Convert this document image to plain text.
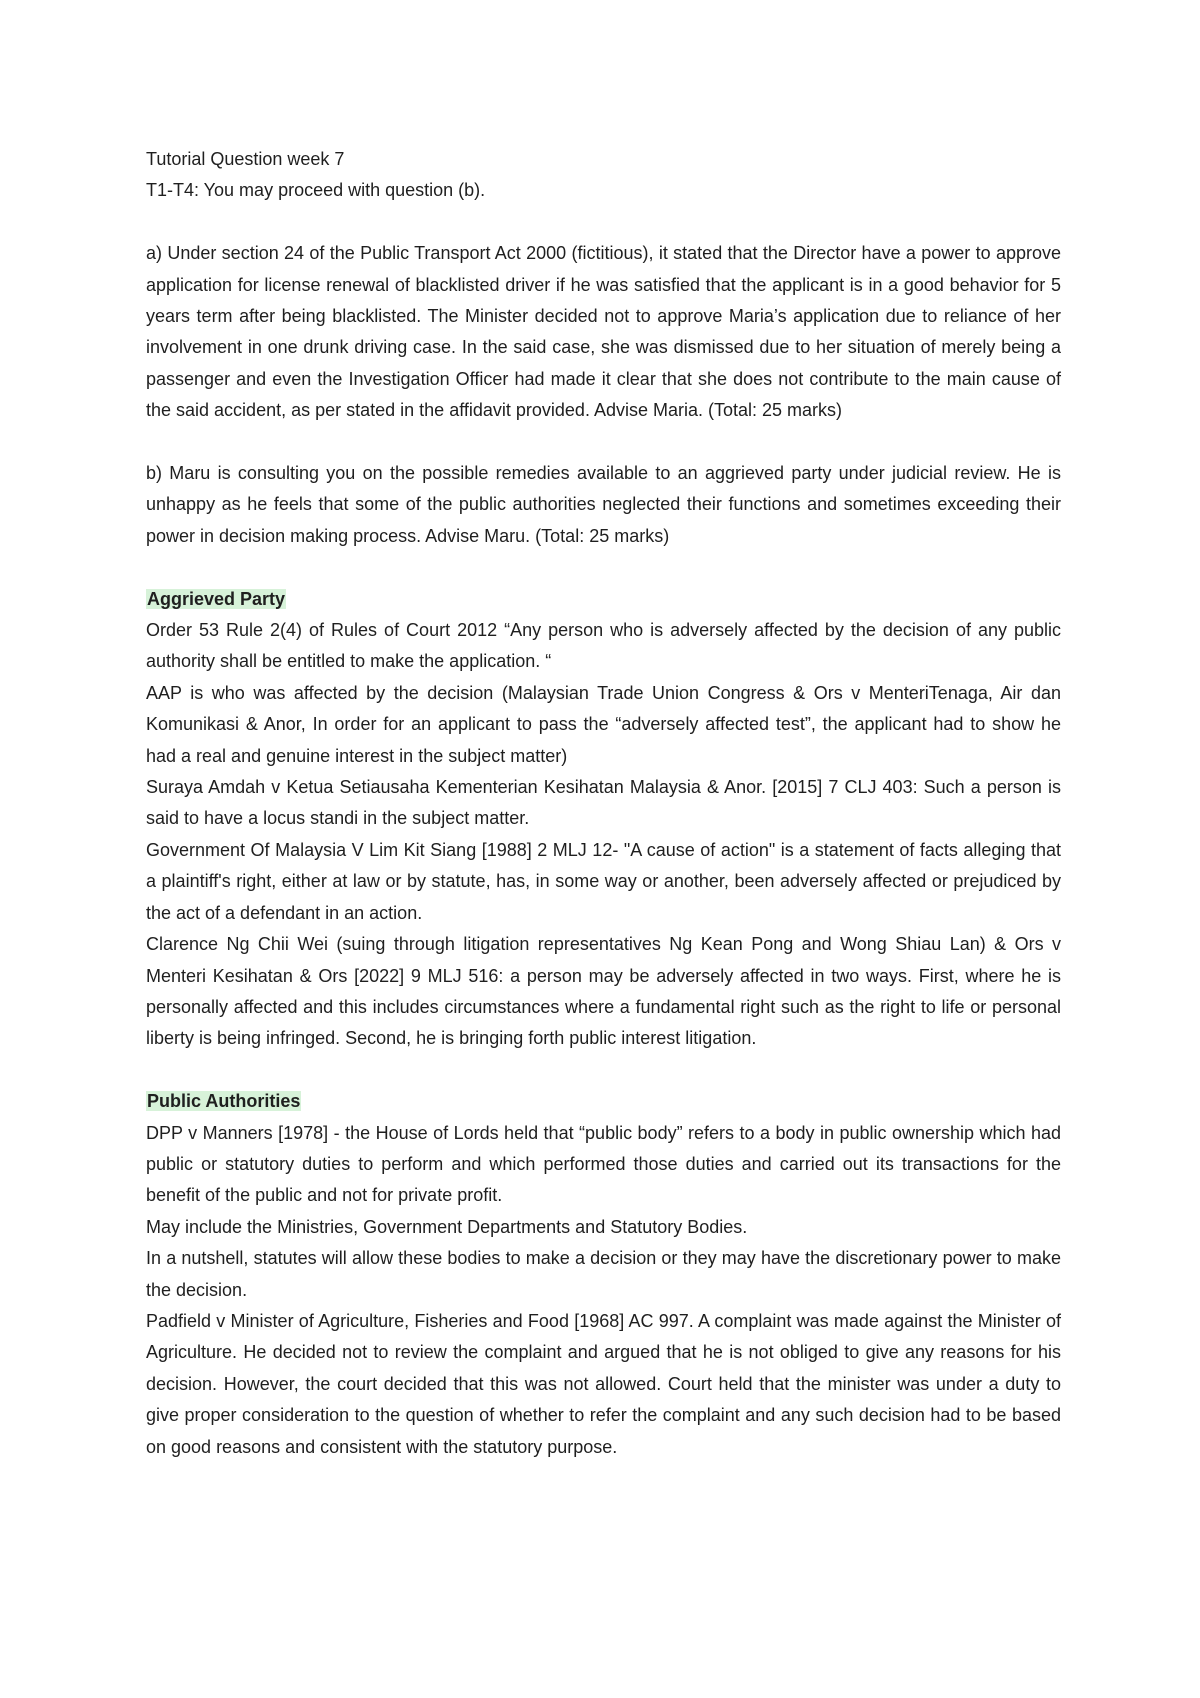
Tutorial Question week 7

T1-T4: You may proceed with question (b).

a) Under section 24 of the Public Transport Act 2000 (fictitious), it stated that the Director have a power to approve application for license renewal of blacklisted driver if he was satisfied that the applicant is in a good behavior for 5 years term after being blacklisted. The Minister decided not to approve Maria’s application due to reliance of her involvement in one drunk driving case. In the said case, she was dismissed due to her situation of merely being a passenger and even the Investigation Officer had made it clear that she does not contribute to the main cause of the said accident, as per stated in the affidavit provided. Advise Maria. (Total: 25 marks)

b) Maru is consulting you on the possible remedies available to an aggrieved party under judicial review. He is unhappy as he feels that some of the public authorities neglected their functions and sometimes exceeding their power in decision making process. Advise Maru. (Total: 25 marks)

Aggrieved Party

Order 53 Rule 2(4) of Rules of Court 2012 “Any person who is adversely affected by the decision of any public authority shall be entitled to make the application. “

AAP is who was affected by the decision (Malaysian Trade Union Congress & Ors v MenteriTenaga, Air dan Komunikasi & Anor, In order for an applicant to pass the “adversely affected test”, the applicant had to show he had a real and genuine interest in the subject matter)

Suraya Amdah v Ketua Setiausaha Kementerian Kesihatan Malaysia & Anor. [2015] 7 CLJ 403: Such a person is said to have a locus standi in the subject matter.

Government Of Malaysia V Lim Kit Siang [1988] 2 MLJ 12- "A cause of action" is a statement of facts alleging that a plaintiff's right, either at law or by statute, has, in some way or another, been adversely affected or prejudiced by the act of a defendant in an action.

Clarence Ng Chii Wei (suing through litigation representatives Ng Kean Pong and Wong Shiau Lan) & Ors v Menteri Kesihatan & Ors [2022] 9 MLJ 516: a person may be adversely affected in two ways. First, where he is personally affected and this includes circumstances where a fundamental right such as the right to life or personal liberty is being infringed. Second, he is bringing forth public interest litigation.

Public Authorities

DPP v Manners [1978] - the House of Lords held that “public body” refers to a body in public ownership which had public or statutory duties to perform and which performed those duties and carried out its transactions for the benefit of the public and not for private profit.

May include the Ministries, Government Departments and Statutory Bodies.

In a nutshell, statutes will allow these bodies to make a decision or they may have the discretionary power to make the decision.

Padfield v Minister of Agriculture, Fisheries and Food [1968] AC 997. A complaint was made against the Minister of Agriculture. He decided not to review the complaint and argued that he is not obliged to give any reasons for his decision. However, the court decided that this was not allowed. Court held that the minister was under a duty to give proper consideration to the question of whether to refer the complaint and any such decision had to be based on good reasons and consistent with the statutory purpose.
